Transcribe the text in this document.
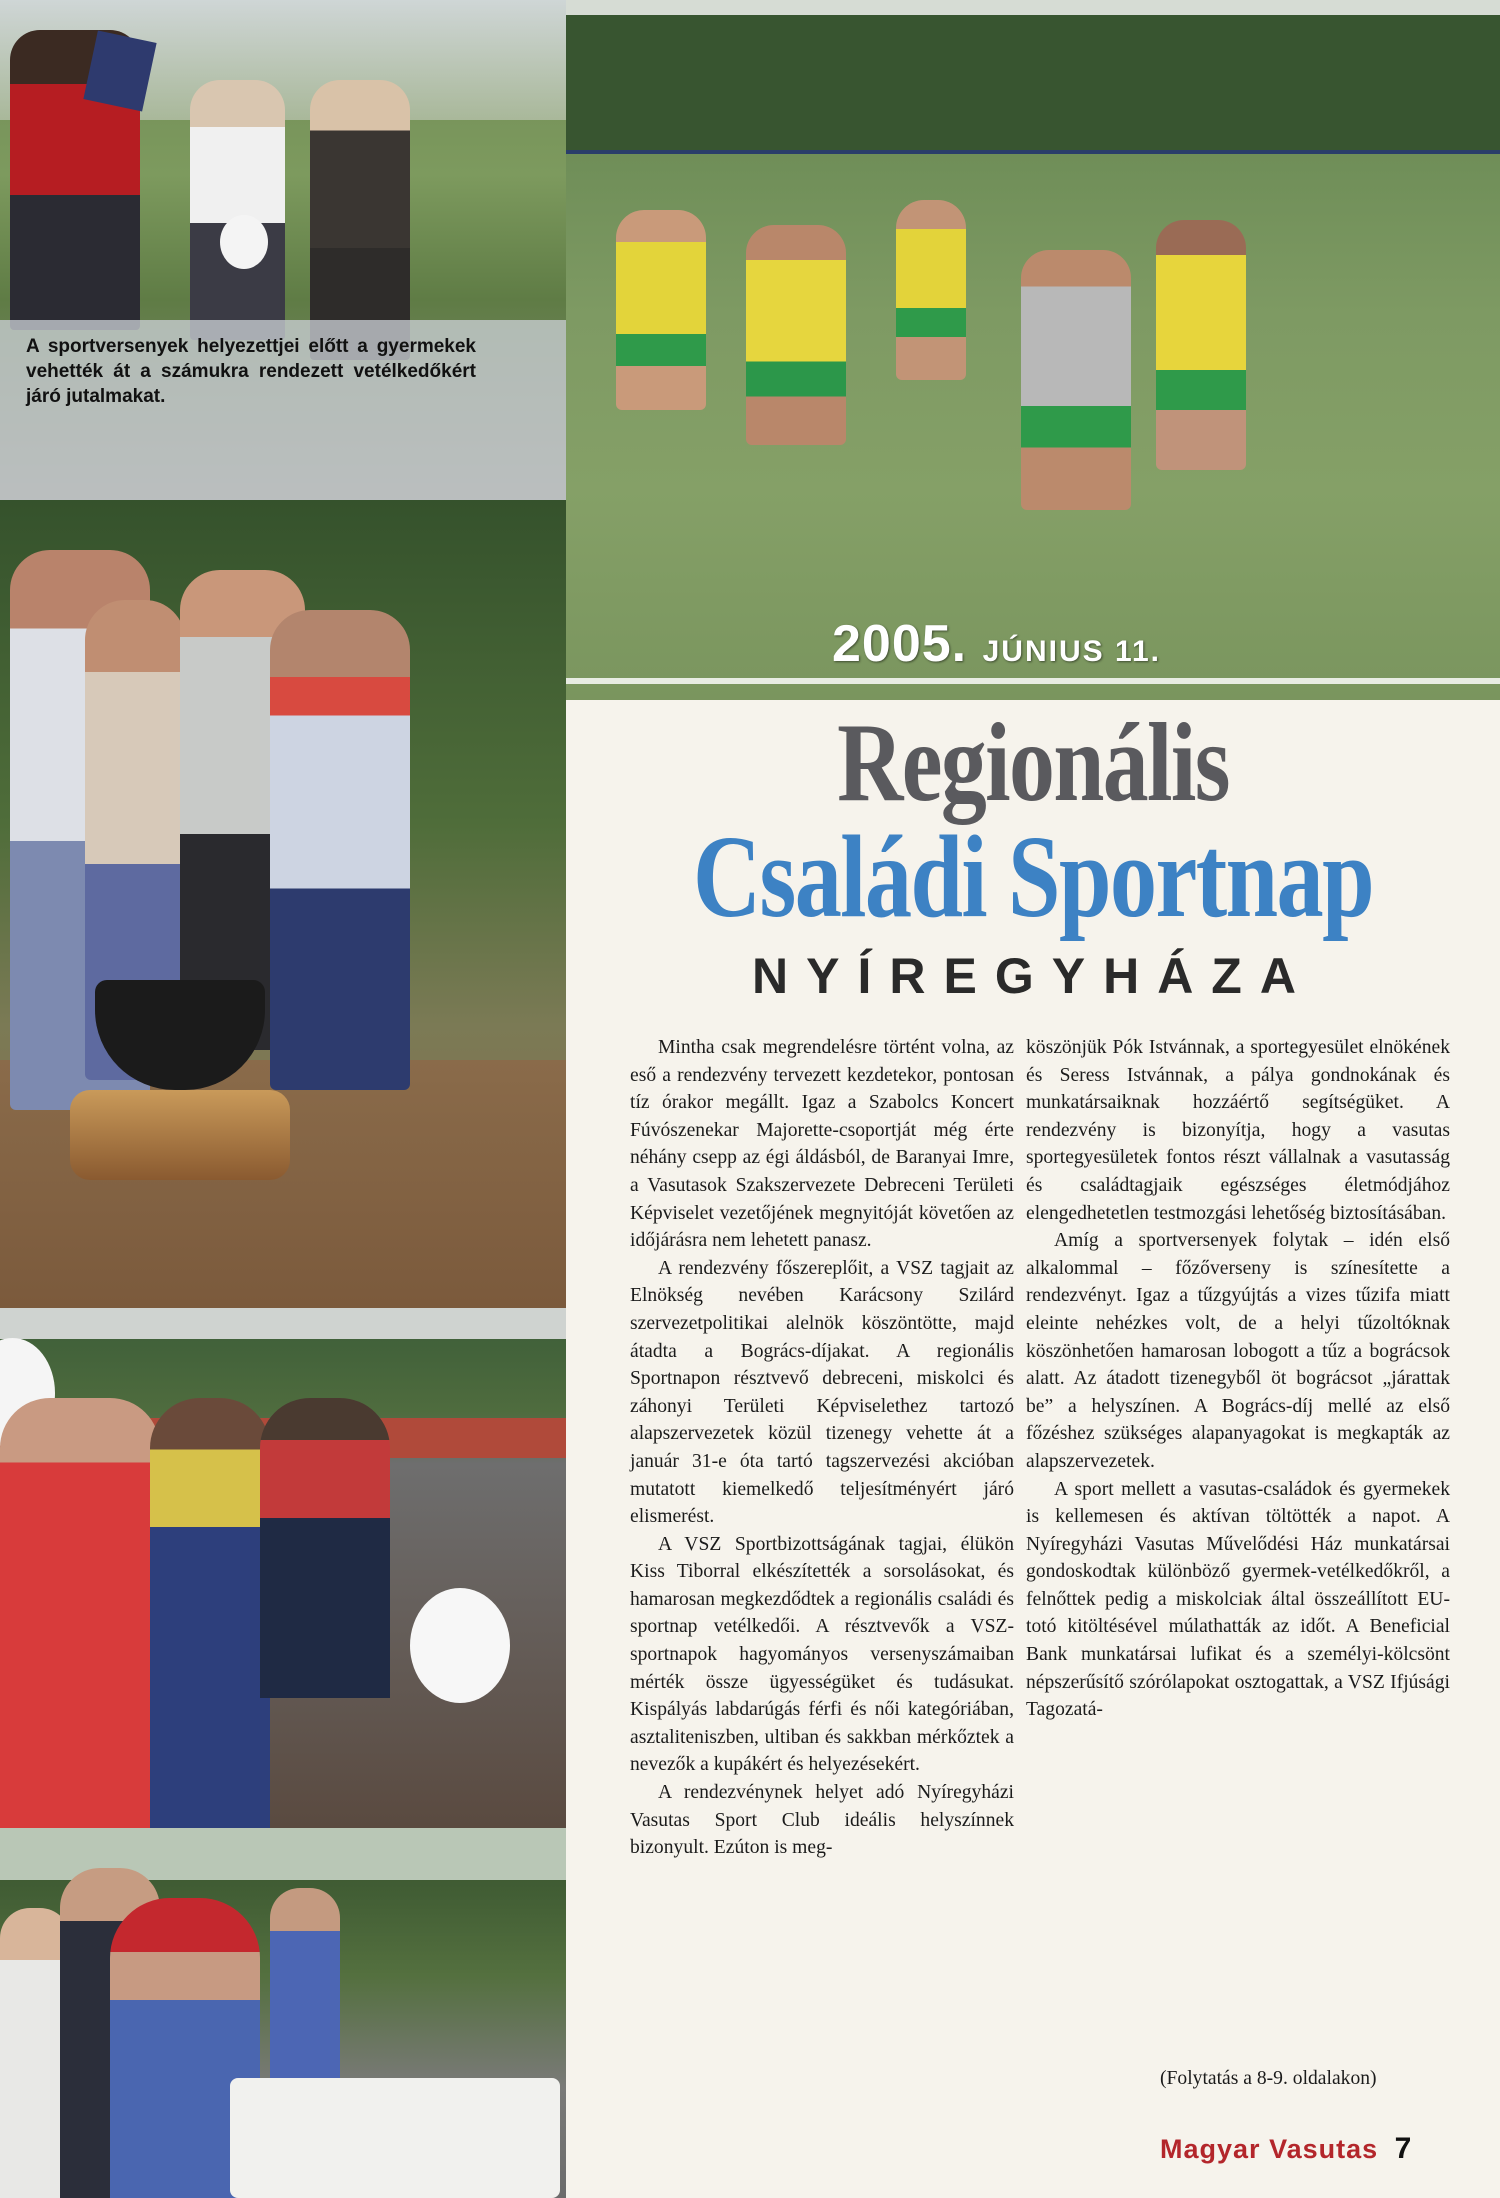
A sportversenyek helyezettjei előtt a gyermekek vehették át a számukra rendezett vetélkedőkért járó jutalmakat.

2005. JÚNIUS 11.

Regionális
Családi Sportnap
NYÍREGYHÁZA

Mintha csak megrendelésre történt volna, az eső a rendezvény tervezett kezdetekor, pontosan tíz órakor megállt. Igaz a Szabolcs Koncert Fúvószenekar Majorette-csoportját még érte néhány csepp az égi áldásból, de Baranyai Imre, a Vasutasok Szakszervezete Debreceni Területi Képviselet vezetőjének megnyitóját követően az időjárásra nem lehetett panasz.

A rendezvény főszereplőit, a VSZ tagjait az Elnökség nevében Karácsony Szilárd szervezetpolitikai alelnök köszöntötte, majd átadta a Bogrács-díjakat. A regionális Sportnapon résztvevő debreceni, miskolci és záhonyi Területi Képviselethez tartozó alapszervezetek közül tizenegy vehette át a január 31-e óta tartó tagszervezési akcióban mutatott kiemelkedő teljesítményért járó elismerést.

A VSZ Sportbizottságának tagjai, élükön Kiss Tiborral elkészítették a sorsolásokat, és hamarosan megkezdődtek a regionális családi és sportnap vetélkedői. A résztvevők a VSZ-sportnapok hagyományos versenyszámaiban mérték össze ügyességüket és tudásukat. Kispályás labdarúgás férfi és női kategóriában, asztaliteniszben, ultiban és sakkban mérkőztek a nevezők a kupákért és helyezésekért.

A rendezvénynek helyet adó Nyíregyházi Vasutas Sport Club ideális helyszínnek bizonyult. Ezúton is meg-

köszönjük Pók Istvánnak, a sportegyesület elnökének és Seress Istvánnak, a pálya gondnokának és munkatársaiknak hozzáértő segítségüket. A rendezvény is bizonyítja, hogy a vasutas sportegyesületek fontos részt vállalnak a vasutasság és családtagjaik egészséges életmódjához elengedhetetlen testmozgási lehetőség biztosításában.

Amíg a sportversenyek folytak – idén első alkalommal – főzőverseny is színesítette a rendezvényt. Igaz a tűzgyújtás a vizes tűzifa miatt eleinte nehézkes volt, de a helyi tűzoltóknak köszönhetően hamarosan lobogott a tűz a bográcsok alatt. Az átadott tizenegyből öt bográcsot „járattak be” a helyszínen. A Bogrács-díj mellé az első főzéshez szükséges alapanyagokat is megkapták az alapszervezetek.

A sport mellett a vasutas-családok és gyermekek is kellemesen és aktívan töltötték a napot. A Nyíregyházi Vasutas Művelődési Ház munkatársai gondoskodtak különböző gyermek-vetélkedőkről, a felnőttek pedig a miskolciak által összeállított EU-totó kitöltésével múlathatták az időt. A Beneficial Bank munkatársai lufikat és a személyi-kölcsönt népszerűsítő szórólapokat osztogattak, a VSZ Ifjúsági Tagozatá-

(Folytatás a 8-9. oldalakon)

Magyar Vasutas 7
